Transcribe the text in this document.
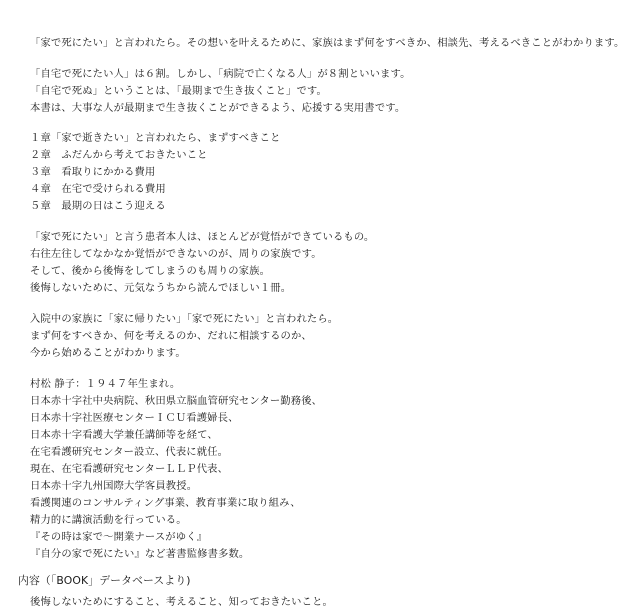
「家で死にたい」と言われたら。その想いを叶えるために、家族はまず何をすべきか、相談先、考えるべきことがわかります。
「自宅で死にたい人」は６割。しかし、「病院で亡くなる人」が８割といいます。
「自宅で死ぬ」ということは、「最期まで生き抜くこと」です。
本書は、大事な人が最期まで生き抜くことができるよう、応援する実用書です。
１章「家で逝きたい」と言われたら、まずすべきこと
２章　ふだんから考えておきたいこと
３章　看取りにかかる費用
４章　在宅で受けられる費用
５章　最期の日はこう迎える
「家で死にたい」と言う患者本人は、ほとんどが覚悟ができているもの。
右往左往してなかなか覚悟ができないのが、周りの家族です。
そして、後から後悔をしてしまうのも周りの家族。
後悔しないために、元気なうちから読んでほしい１冊。
入院中の家族に「家に帰りたい」「家で死にたい」と言われたら。
まず何をすべきか、何を考えるのか、だれに相談するのか、
今から始めることがわかります。
村松 静子：１９４７年生まれ。
日本赤十字社中央病院、秋田県立脳血管研究センター勤務後、
日本赤十字社医療センターＩＣＵ看護婦長、
日本赤十字看護大学兼任講師等を経て、
在宅看護研究センター設立、代表に就任。
現在、在宅看護研究センターＬＬＰ代表、
日本赤十字九州国際大学客員教授。
看護関連のコンサルティング事業、教育事業に取り組み、
精力的に講演活動を行っている。
『その時は家で〜開業ナースがゆく』
『自分の家で死にたい』など著書監修書多数。
内容（「BOOK」データベースより)
後悔しないためにすること、考えること、知っておきたいこと。
